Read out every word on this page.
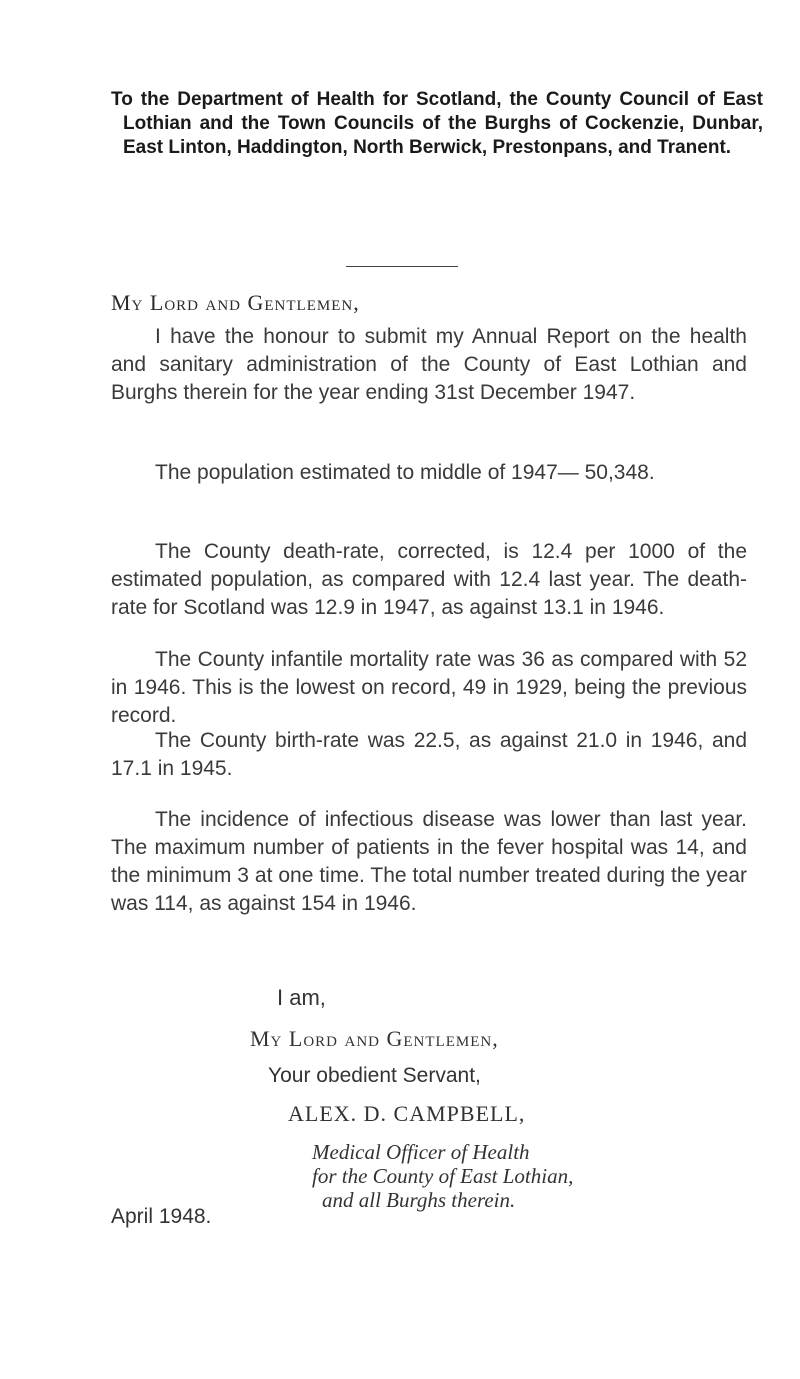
To the Department of Health for Scotland, the County Council of East Lothian and the Town Councils of the Burghs of Cockenzie, Dunbar, East Linton, Haddington, North Berwick, Prestonpans, and Tranent.
My Lord and Gentlemen,

I have the honour to submit my Annual Report on the health and sanitary administration of the County of East Lothian and Burghs therein for the year ending 31st December 1947.

The population estimated to middle of 1947— 50,348.

The County death-rate, corrected, is 12.4 per 1000 of the estimated population, as compared with 12.4 last year. The death-rate for Scotland was 12.9 in 1947, as against 13.1 in 1946.

The County infantile mortality rate was 36 as compared with 52 in 1946. This is the lowest on record, 49 in 1929, being the previous record.

The County birth-rate was 22.5, as against 21.0 in 1946, and 17.1 in 1945.

The incidence of infectious disease was lower than last year. The maximum number of patients in the fever hospital was 14, and the minimum 3 at one time. The total number treated during the year was 114, as against 154 in 1946.

I am,
My Lord and Gentlemen,
Your obedient Servant,
ALEX. D. CAMPBELL,
Medical Officer of Health
for the County of East Lothian,
and all Burghs therein.
April 1948.
